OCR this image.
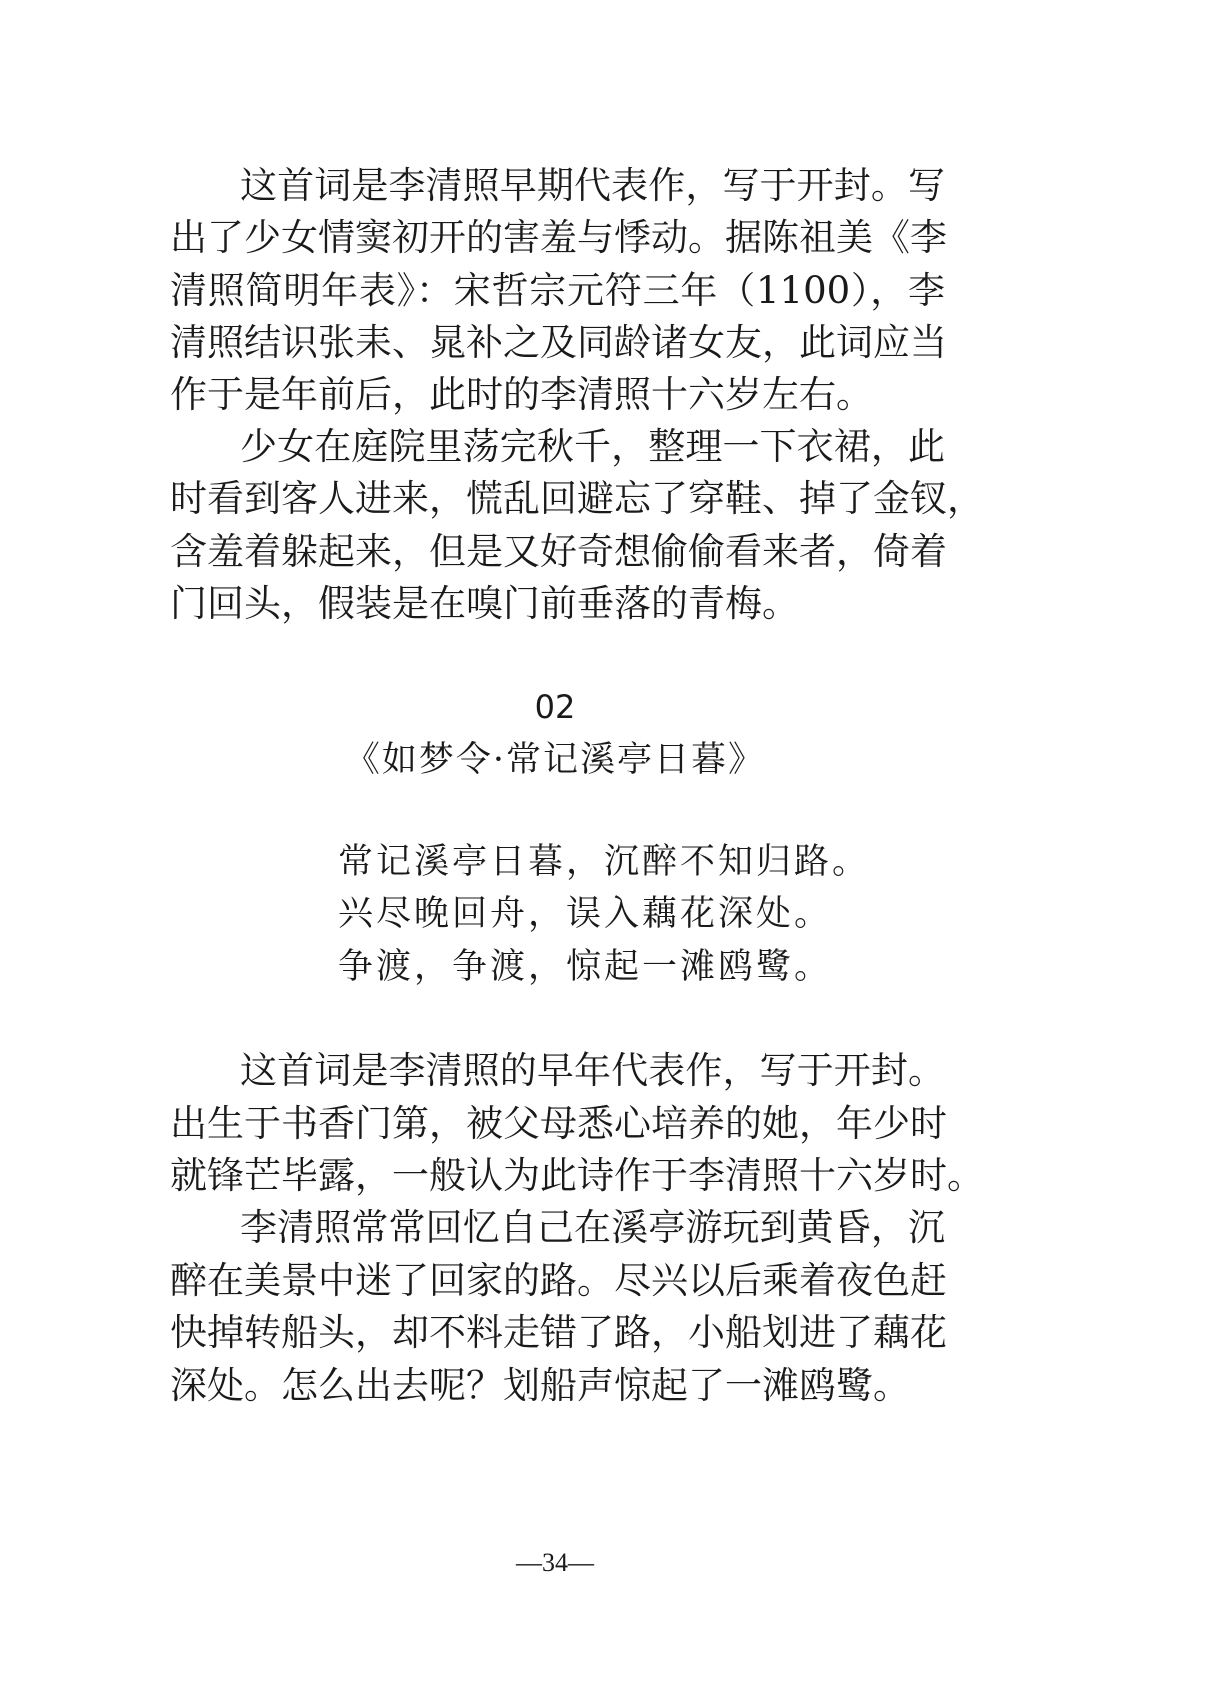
这首词是李清照早期代表作，写于开封。写
出了少女情窦初开的害羞与悸动。据陈祖美《李
清照简明年表》：宋哲宗元符三年（1100），李
清照结识张耒、晁补之及同龄诸女友，此词应当
作于是年前后，此时的李清照十六岁左右。
少女在庭院里荡完秋千，整理一下衣裙，此
时看到客人进来，慌乱回避忘了穿鞋、掉了金钗，
含羞着躲起来，但是又好奇想偷偷看来者，倚着
门回头，假装是在嗅门前垂落的青梅。
02
《如梦令·常记溪亭日暮》
常记溪亭日暮，沉醉不知归路。
兴尽晚回舟，误入藕花深处。
争渡，争渡，惊起一滩鸥鹭。
这首词是李清照的早年代表作，写于开封。
出生于书香门第，被父母悉心培养的她，年少时
就锋芒毕露，一般认为此诗作于李清照十六岁时。
李清照常常回忆自己在溪亭游玩到黄昏，沉
醉在美景中迷了回家的路。尽兴以后乘着夜色赶
快掉转船头，却不料走错了路，小船划进了藕花
深处。怎么出去呢？划船声惊起了一滩鸥鹭。
—34—
